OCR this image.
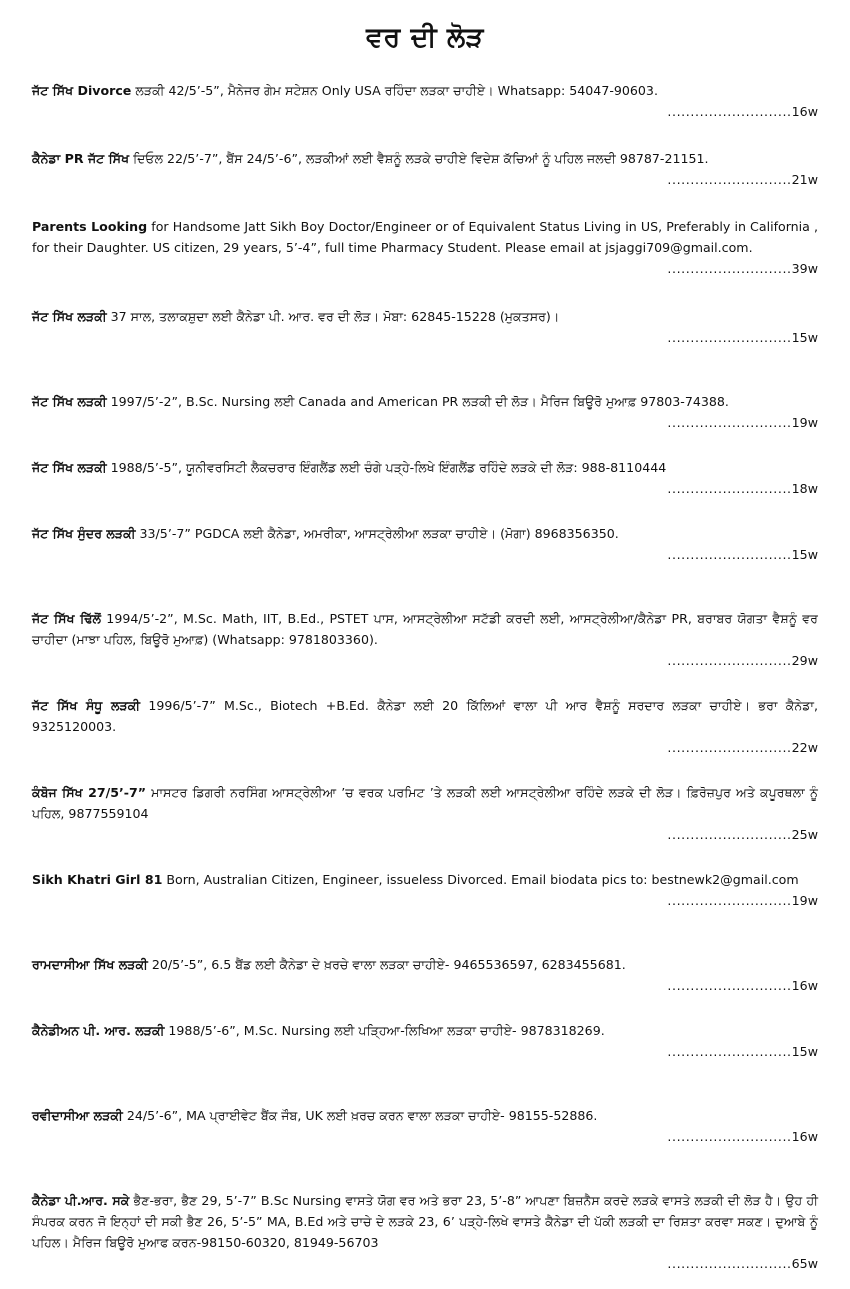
ਵਰ ਦੀ ਲੋੜ
ਜੱਟ ਸਿੱਖ Divorce ਲੜਕੀ 42/5’-5”, ਮੈਨੇਜਰ ਗੇਮ ਸਟੇਸ਼ਨ Only USA ਰਹਿੰਦਾ ਲੜਕਾ ਚਾਹੀਏ। Whatsapp: 54047-90603.
...........................16w
ਕੈਨੇਡਾ PR ਜੱਟ ਸਿੱਖ ਦਿਓਲ 22/5’-7”, ਬੈਂਸ 24/5’-6”, ਲੜਕੀਆਂ ਲਈ ਵੈਸ਼ਨੂੰ ਲੜਕੇ ਚਾਹੀਏ ਵਿਦੇਸ਼ ਕੱਚਿਆਂ ਨੂੰ ਪਹਿਲ ਜਲਦੀ 98787-21151.
...........................21w
Parents Looking for Handsome Jatt Sikh Boy Doctor/Engineer or of Equivalent Status Living in US, Preferably in California , for their Daughter. US citizen, 29 years, 5’-4”, full time Pharmacy Student. Please email at jsjaggi709@gmail.com.
...........................39w
ਜੱਟ ਸਿੱਖ ਲੜਕੀ 37 ਸਾਲ, ਤਲਾਕਸ਼ੁਦਾ ਲਈ ਕੈਨੇਡਾ ਪੀ. ਆਰ. ਵਰ ਦੀ ਲੋੜ। ਮੋਬਾ: 62845-15228 (ਮੁਕਤਸਰ)।
...........................15w
ਜੱਟ ਸਿੱਖ ਲੜਕੀ 1997/5’-2”, B.Sc. Nursing ਲਈ Canada and American PR ਲੜਕੀ ਦੀ ਲੋੜ। ਮੈਰਿਜ ਬਿਊਰੋ ਮੁਆਫ਼ 97803-74388.
...........................19w
ਜੱਟ ਸਿੱਖ ਲੜਕੀ 1988/5’-5”, ਯੂਨੀਵਰਸਿਟੀ ਲੈਕਚਰਾਰ ਇੰਗਲੈਂਡ ਲਈ ਚੰਗੇ ਪੜ੍ਹੇ-ਲਿਖੇ ਇੰਗਲੈਂਡ ਰਹਿੰਦੇ ਲੜਕੇ ਦੀ ਲੋੜ: 988-8110444
...........................18w
ਜੱਟ ਸਿੱਖ ਸੁੰਦਰ ਲੜਕੀ 33/5’-7” PGDCA ਲਈ ਕੈਨੇਡਾ, ਅਮਰੀਕਾ, ਆਸਟ੍ਰੇਲੀਆ ਲੜਕਾ ਚਾਹੀਏ। (ਮੋਗਾ) 8968356350.
...........................15w
ਜੱਟ ਸਿੱਖ ਢਿੱਲੋਂ 1994/5’-2”, M.Sc. Math, IIT, B.Ed., PSTET ਪਾਸ, ਆਸਟ੍ਰੇਲੀਆ ਸਟੱਡੀ ਕਰਦੀ ਲਈ, ਆਸਟ੍ਰੇਲੀਆ/ਕੈਨੇਡਾ PR, ਬਰਾਬਰ ਯੋਗਤਾ ਵੈਸ਼ਨੂੰ ਵਰ ਚਾਹੀਦਾ (ਮਾਝਾ ਪਹਿਲ, ਬਿਊਰੋ ਮੁਆਫ਼) (Whatsapp: 9781803360).
...........................29w
ਜੱਟ ਸਿੱਖ ਸੰਧੂ ਲੜਕੀ 1996/5’-7” M.Sc., Biotech +B.Ed. ਕੈਨੇਡਾ ਲਈ 20 ਕਿੱਲਿਆਂ ਵਾਲਾ ਪੀ ਆਰ ਵੈਸ਼ਨੂੰ ਸਰਦਾਰ ਲੜਕਾ ਚਾਹੀਏ। ਭਰਾ ਕੈਨੇਡਾ, 9325120003.
...........................22w
ਕੰਬੋਜ ਸਿੱਖ 27/5’-7” ਮਾਸਟਰ ਡਿਗਰੀ ਨਰਸਿੰਗ ਆਸਟ੍ਰੇਲੀਆ ’ਚ ਵਰਕ ਪਰਮਿਟ ’ਤੇ ਲੜਕੀ ਲਈ ਆਸਟ੍ਰੇਲੀਆ ਰਹਿੰਦੇ ਲੜਕੇ ਦੀ ਲੋੜ। ਫ਼ਿਰੋਜ਼ਪੁਰ ਅਤੇ ਕਪੂਰਥਲਾ ਨੂੰ ਪਹਿਲ, 9877559104
...........................25w
Sikh Khatri Girl 81 Born, Australian Citizen, Engineer, issueless Divorced. Email biodata pics to: bestnewk2@gmail.com
...........................19w
ਰਾਮਦਾਸੀਆ ਸਿੱਖ ਲੜਕੀ 20/5’-5”, 6.5 ਬੈਂਡ ਲਈ ਕੈਨੇਡਾ ਦੇ ਖ਼ਰਚੇ ਵਾਲਾ ਲੜਕਾ ਚਾਹੀਏ- 9465536597, 6283455681.
...........................16w
ਕੈਨੇਡੀਅਨ ਪੀ. ਆਰ. ਲੜਕੀ 1988/5’-6”, M.Sc. Nursing ਲਈ ਪੜ੍ਹਿਆ-ਲਿਖਿਆ ਲੜਕਾ ਚਾਹੀਏ- 9878318269.
...........................15w
ਰਵੀਦਾਸੀਆ ਲੜਕੀ 24/5’-6”, MA ਪ੍ਰਾਈਵੇਟ ਬੈਂਕ ਜੌਬ, UK ਲਈ ਖ਼ਰਚ ਕਰਨ ਵਾਲਾ ਲੜਕਾ ਚਾਹੀਏ- 98155-52886.
...........................16w
ਕੈਨੇਡਾ ਪੀ.ਆਰ. ਸਕੇ ਭੈਣ-ਭਰਾ, ਭੈਣ 29, 5’-7” B.Sc Nursing ਵਾਸਤੇ ਯੋਗ ਵਰ ਅਤੇ ਭਰਾ 23, 5’-8” ਆਪਣਾ ਬਿਜ਼ਨੈਸ ਕਰਦੇ ਲੜਕੇ ਵਾਸਤੇ ਲੜਕੀ ਦੀ ਲੋੜ ਹੈ। ਉਹ ਹੀ ਸੰਪਰਕ ਕਰਨ ਜੋ ਇਨ੍ਹਾਂ ਦੀ ਸਕੀ ਭੈਣ 26, 5’-5” MA, B.Ed ਅਤੇ ਚਾਚੇ ਦੇ ਲੜਕੇ 23, 6’ ਪੜ੍ਹੇ-ਲਿਖੇ ਵਾਸਤੇ ਕੈਨੇਡਾ ਦੀ ਪੱਕੀ ਲੜਕੀ ਦਾ ਰਿਸ਼ਤਾ ਕਰਵਾ ਸਕਣ। ਦੁਆਬੇ ਨੂੰ ਪਹਿਲ। ਮੈਰਿਜ ਬਿਊਰੋ ਮੁਆਫ ਕਰਨ-98150-60320, 81949-56703
...........................65w
